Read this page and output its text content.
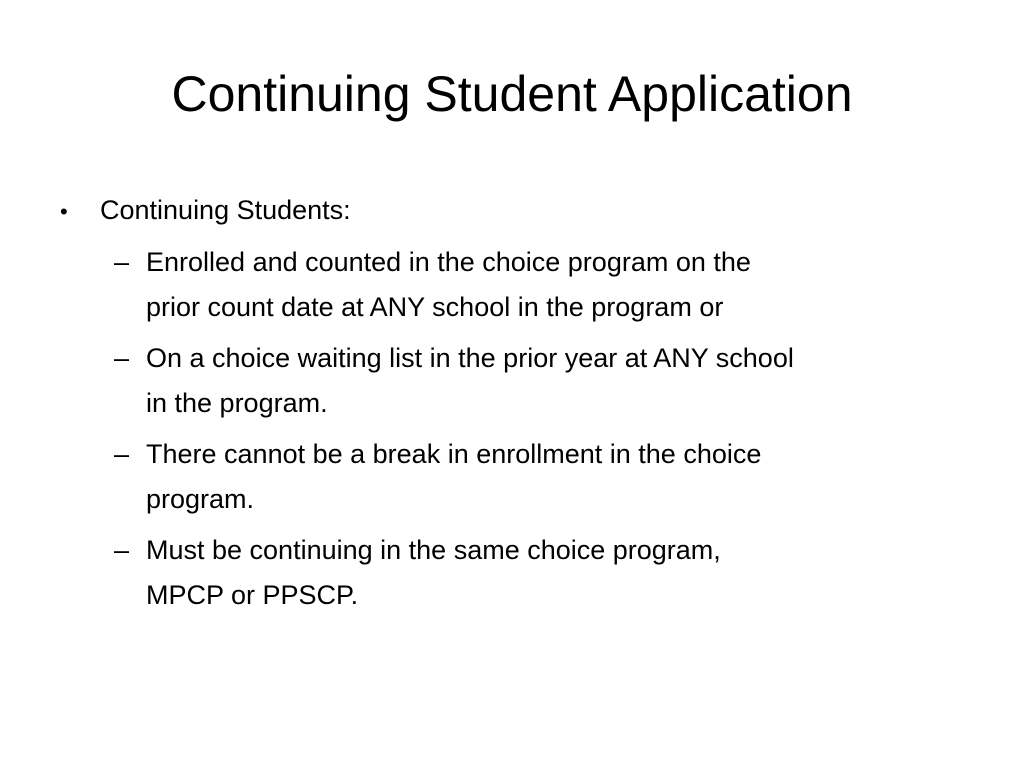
Continuing Student Application
• Continuing Students:
– Enrolled and counted in the choice program on the
prior count date at ANY school in the program or
– On a choice waiting list in the prior year at ANY school
in the program.
– There cannot be a break in enrollment in the choice
program.
– Must be continuing in the same choice program,
MPCP or PPSCP.
